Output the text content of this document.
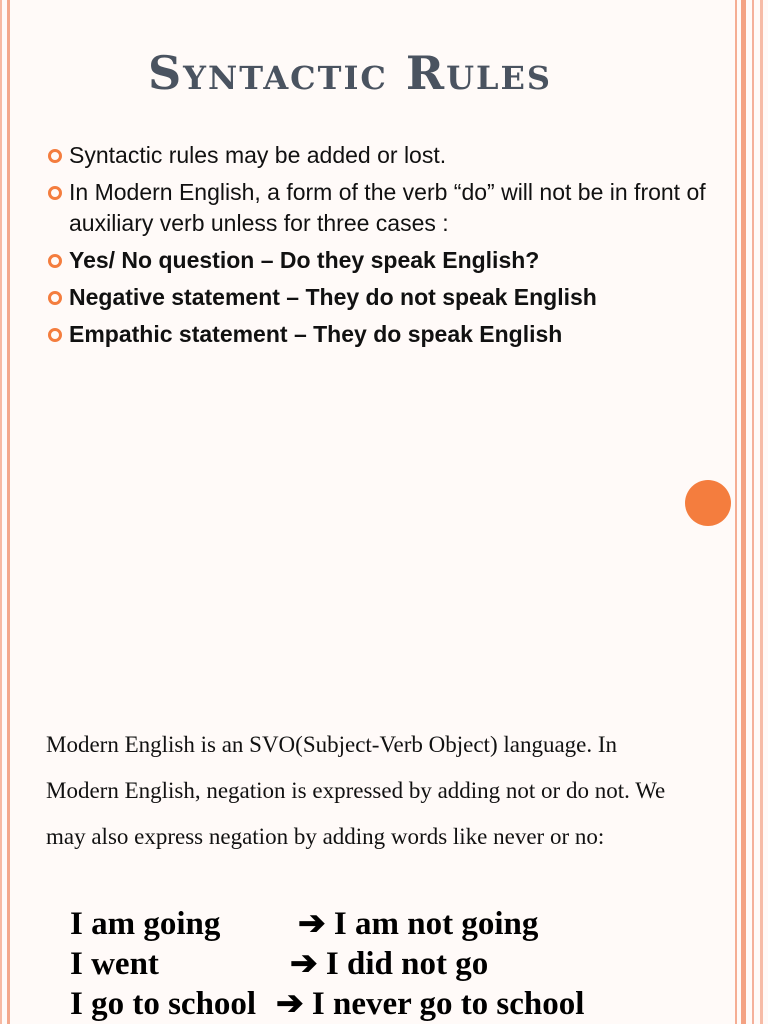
Syntactic Rules
Syntactic rules may be added or lost.
In Modern English, a form of the verb “do” will not be in front of auxiliary verb unless for three cases :
Yes/ No question – Do they speak English?
Negative statement – They do not speak English
Empathic statement – They do speak English
Modern English is an SVO(Subject-Verb Object) language. In Modern English, negation is expressed by adding not or do not. We may also express negation by adding words like never or no:
I am going ➔ I am not going
I went	➔ I did not go
I go to school ➔ I never go to school
